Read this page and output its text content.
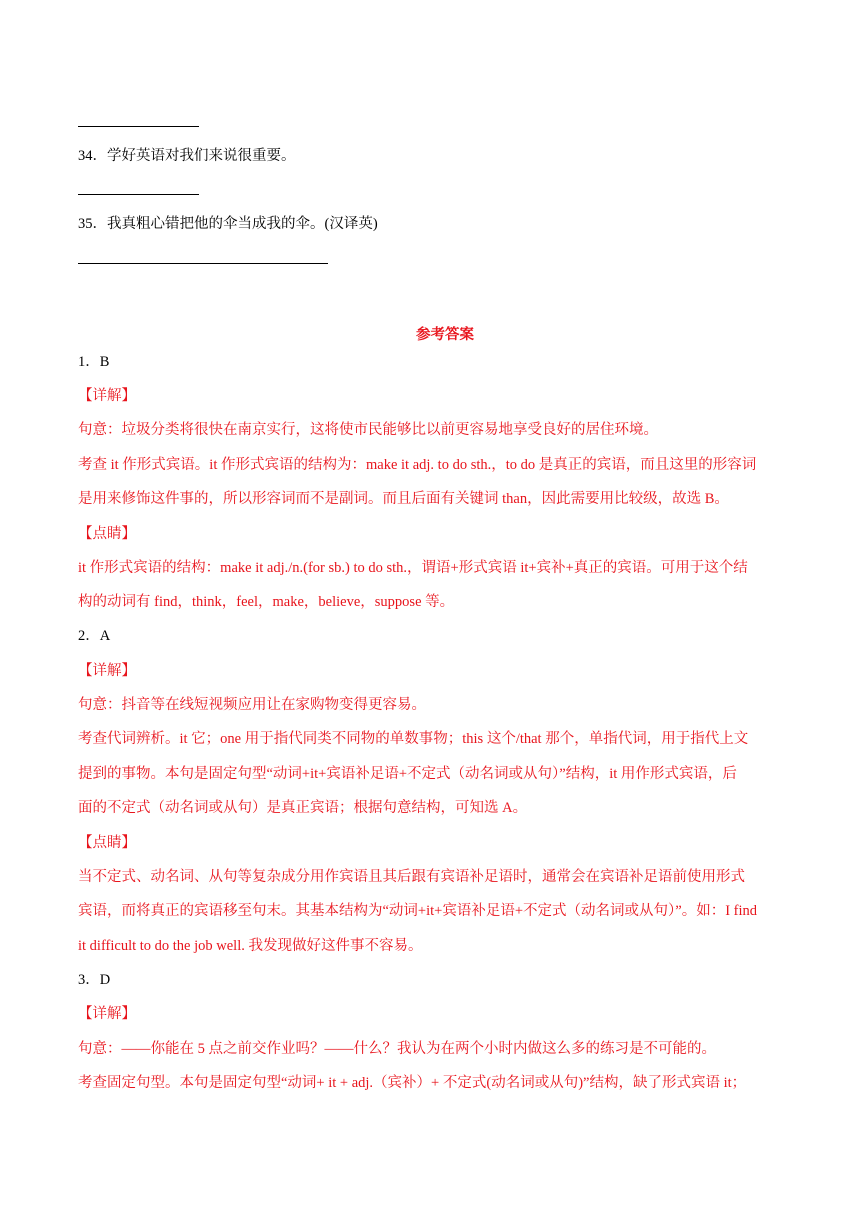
34．学好英语对我们来说很重要。
35．我真粗心错把他的伞当成我的伞。(汉译英)
参考答案
1．B
【详解】
句意：垃圾分类将很快在南京实行，这将使市民能够比以前更容易地享受良好的居住环境。
考查 it 作形式宾语。it 作形式宾语的结构为：make it adj. to do sth.，to do 是真正的宾语，而且这里的形容词
是用来修饰这件事的，所以形容词而不是副词。而且后面有关键词 than，因此需要用比较级，故选 B。
【点睛】
it 作形式宾语的结构：make it adj./n.(for sb.) to do sth.，谓语+形式宾语 it+宾补+真正的宾语。可用于这个结
构的动词有 find，think，feel，make，believe，suppose 等。
2．A
【详解】
句意：抖音等在线短视频应用让在家购物变得更容易。
考查代词辨析。it 它；one 用于指代同类不同物的单数事物；this 这个/that 那个，单指代词，用于指代上文
提到的事物。本句是固定句型“动词+it+宾语补足语+不定式（动名词或从句）”结构，it 用作形式宾语，后
面的不定式（动名词或从句）是真正宾语；根据句意结构，可知选 A。
【点睛】
当不定式、动名词、从句等复杂成分用作宾语且其后跟有宾语补足语时，通常会在宾语补足语前使用形式
宾语，而将真正的宾语移至句末。其基本结构为“动词+it+宾语补足语+不定式（动名词或从句）”。如：I find
it difficult to do the job well. 我发现做好这件事不容易。
3．D
【详解】
句意：——你能在 5 点之前交作业吗？——什么？我认为在两个小时内做这么多的练习是不可能的。
考查固定句型。本句是固定句型“动词+ it + adj.（宾补）+ 不定式(动名词或从句)”结构，缺了形式宾语 it；
